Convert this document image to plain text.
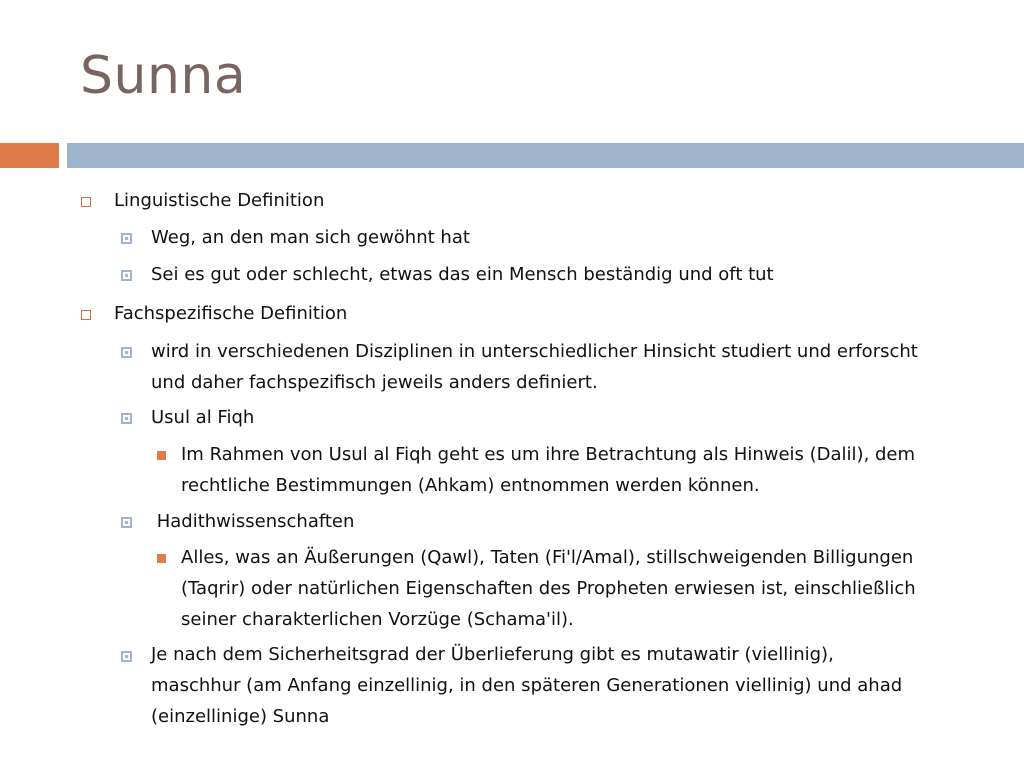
Sunna
Linguistische Definition
Weg, an den man sich gewöhnt hat
Sei es gut oder schlecht, etwas das ein Mensch beständig und oft tut
Fachspezifische Definition
wird in verschiedenen Disziplinen in unterschiedlicher Hinsicht studiert und erforscht
und daher fachspezifisch jeweils anders definiert.
Usul al Fiqh
Im Rahmen von Usul al Fiqh geht es um ihre Betrachtung als Hinweis (Dalil), dem
rechtliche Bestimmungen (Ahkam) entnommen werden können.
Hadithwissenschaften
Alles, was an Äußerungen (Qawl), Taten (Fi'l/Amal), stillschweigenden Billigungen
(Taqrir) oder natürlichen Eigenschaften des Propheten erwiesen ist, einschließlich
seiner charakterlichen Vorzüge (Schama'il).
Je nach dem Sicherheitsgrad der Überlieferung gibt es mutawatir (viellinig),
maschhur (am Anfang einzellinig, in den späteren Generationen viellinig) und ahad
(einzellinige) Sunna
